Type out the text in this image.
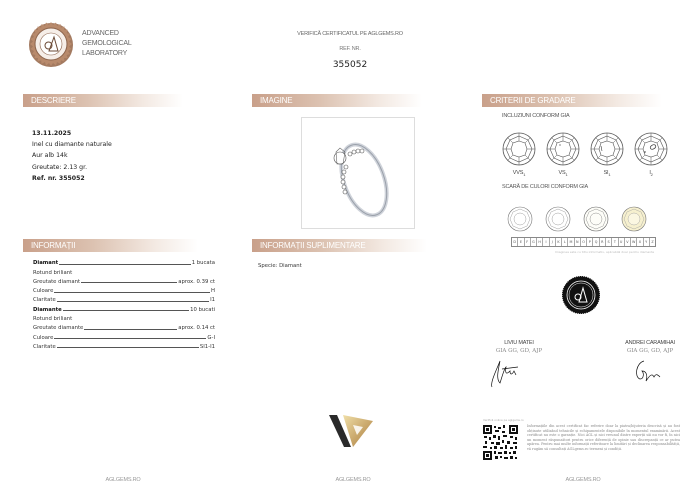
ADVANCED
GEMOLOGICAL
LABORATORY
VERIFICĂ CERTIFICATUL PE AGLGEMS.RO
REF. NR.
355052
DESCRIERE
13.11.2025
Inel cu diamante naturale
Aur alb 14k
Greutate: 2.13 gr.
Ref. nr. 355052
INFORMAȚII
Diamant	1 bucata
Rotund briliant
Greutate diamant	aprox. 0.39 ct
Culoare	H
Claritate	I1
Diamante	10 bucati
Rotund briliant
Greutate diamante	aprox. 0.14 ct
Culoare	G-I
Claritate	SI1-I1
IMAGINE
INFORMAȚII SUPLIMENTARE
Specie: Diamant
CRITERII DE GRADARE
INCLUZIUNI CONFORM GIA
$VVS_1$	$VS_1$	$SI_1$	$I_2$
SCARĂ DE CULORI CONFORM GIA
D	E	F	G	H	I	J	K	L	M	N	O	P	Q	R	S	T	U	V	W	X	Y	Z
Imaginea este cu titlu informativ, aplicabilă doar pentru diamante
LIVIU MATEI
GIA GG, GD, AJP
ANDREI CARAMIHAI
GIA GG, GD, AJP
Verifică online pe aglgems.ro
Informațiile din acest certificat fac referire doar la piatra/bijuteria descrisă și au fost obținute utilizând tehnicile și echipamentele disponibile în momentul examinării. Acest certificat nu este o garanție. Nici AGL și nici vreunul dintre experții săi nu vor fi, în nici un moment răspunzători pentru orice diferență de opinie sau discrepanță ce ar putea apărea. Pentru mai multe informații referitoare la limitări și declinarea responsabilității, vă rugăm să consultați AGLgems.ro termeni și condiții.
AGLGEMS.RO	AGLGEMS.RO	AGLGEMS.RO
